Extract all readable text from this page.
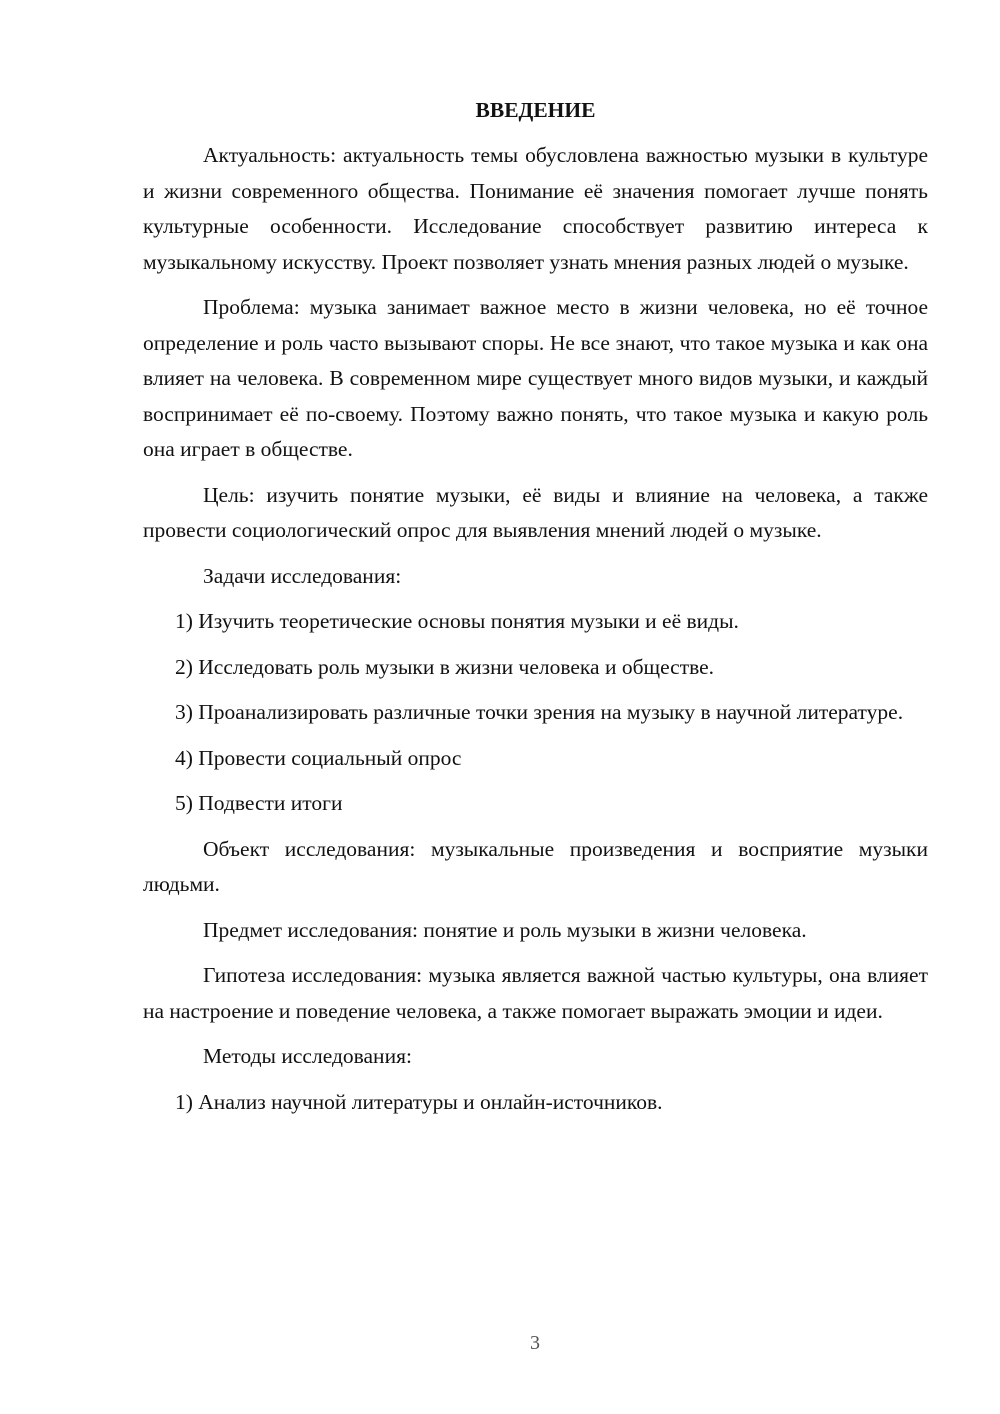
ВВЕДЕНИЕ

Актуальность: актуальность темы обусловлена важностью музыки в культуре и жизни современного общества. Понимание её значения помогает лучше понять культурные особенности. Исследование способствует развитию интереса к музыкальному искусству. Проект позволяет узнать мнения разных людей о музыке.

Проблема: музыка занимает важное место в жизни человека, но её точное определение и роль часто вызывают споры. Не все знают, что такое музыка и как она влияет на человека. В современном мире существует много видов музыки, и каждый воспринимает её по-своему. Поэтому важно понять, что такое музыка и какую роль она играет в обществе.

Цель: изучить понятие музыки, её виды и влияние на человека, а также провести социологический опрос для выявления мнений людей о музыке.

Задачи исследования:

1) Изучить теоретические основы понятия музыки и её виды.

2) Исследовать роль музыки в жизни человека и обществе.

3) Проанализировать различные точки зрения на музыку в научной литературе.

4) Провести социальный опрос

5) Подвести итоги

Объект исследования: музыкальные произведения и восприятие музыки людьми.

Предмет исследования: понятие и роль музыки в жизни человека.

Гипотеза исследования: музыка является важной частью культуры, она влияет на настроение и поведение человека, а также помогает выражать эмоции и идеи.

Методы исследования:

1) Анализ научной литературы и онлайн-источников.

3
